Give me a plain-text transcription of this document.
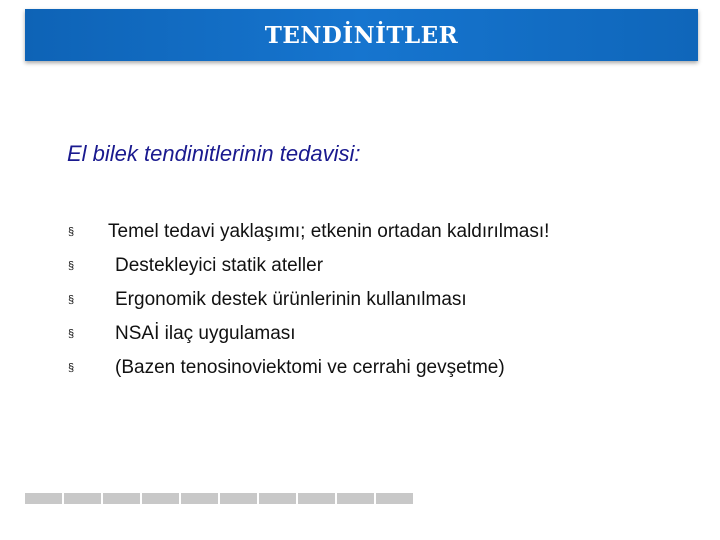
TENDİNİTLER
El bilek tendinitlerinin tedavisi:
§ Temel tedavi yaklaşımı; etkenin ortadan kaldırılması!
§ Destekleyici statik ateller
§ Ergonomik destek ürünlerinin kullanılması
§ NSAİ ilaç uygulaması
§ (Bazen tenosinoviektomi ve cerrahi gevşetme)
